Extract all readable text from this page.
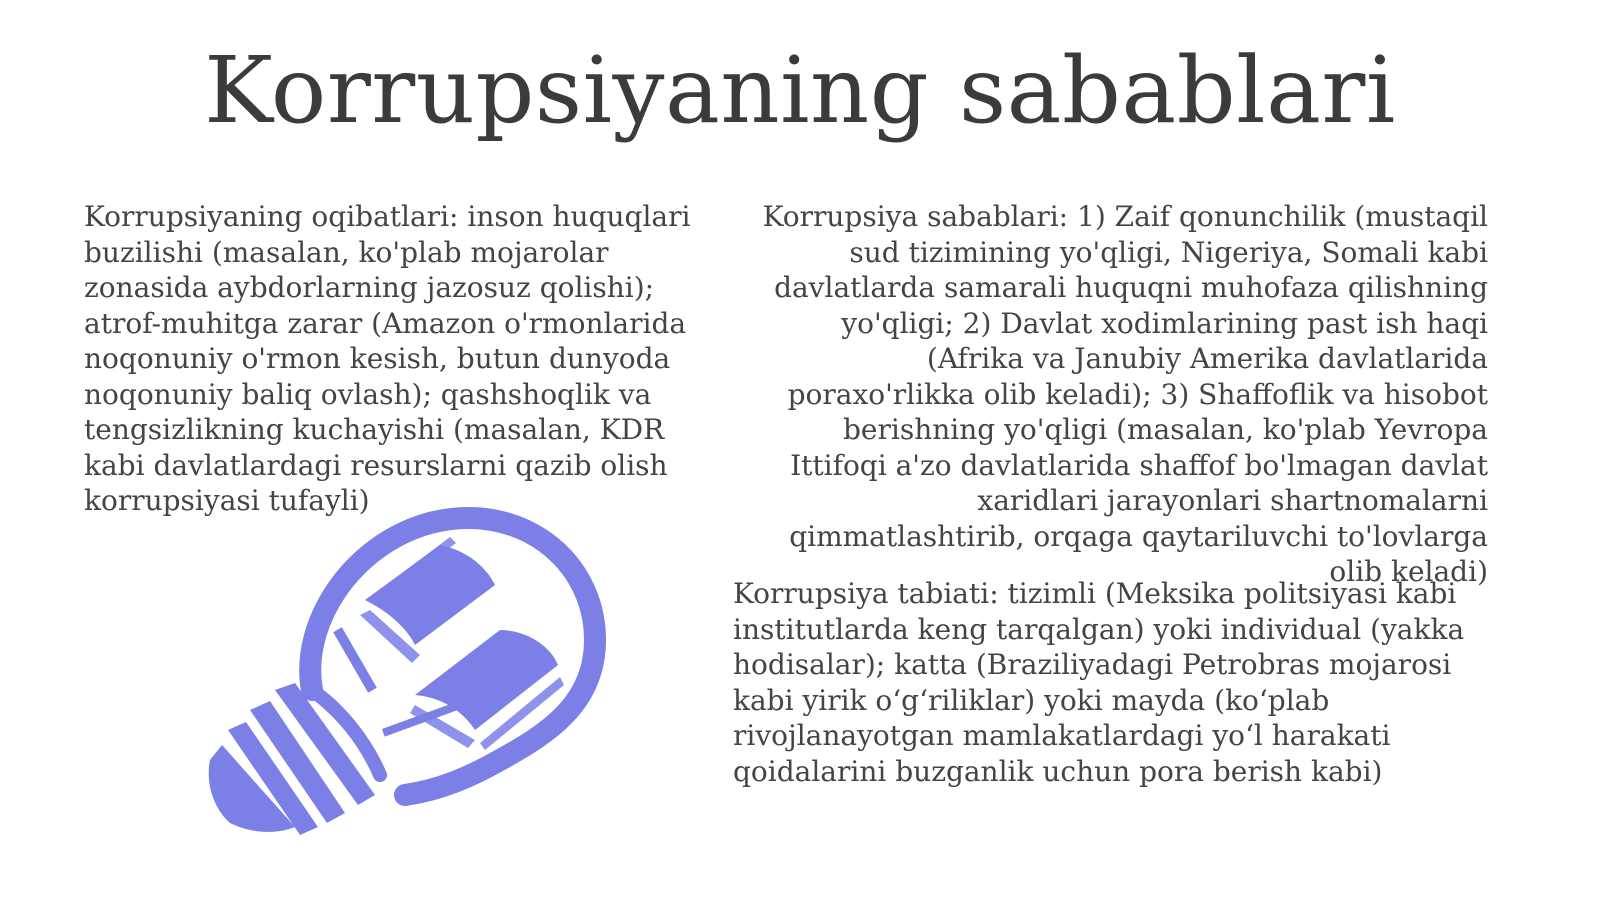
Korrupsiyaning sabablari
Korrupsiyaning oqibatlari: inson huquqlari buzilishi (masalan, ko'plab mojarolar zonasida aybdorlarning jazosuz qolishi); atrof-muhitga zarar (Amazon o'rmonlarida noqonuniy o'rmon kesish, butun dunyoda noqonuniy baliq ovlash); qashshoqlik va tengsizlikning kuchayishi (masalan, KDR kabi davlatlardagi resurslarni qazib olish korrupsiyasi tufayli)
Korrupsiya sabablari: 1) Zaif qonunchilik (mustaqil sud tizimining yo'qligi, Nigeriya, Somali kabi davlatlarda samarali huquqni muhofaza qilishning yo'qligi; 2) Davlat xodimlarining past ish haqi (Afrika va Janubiy Amerika davlatlarida poraxo'rlikka olib keladi); 3) Shaffoflik va hisobot berishning yo'qligi (masalan, ko'plab Yevropa Ittifoqi a'zo davlatlarida shaffof bo'lmagan davlat xaridlari jarayonlari shartnomalarni qimmatlashtirib, orqaga qaytariluvchi to'lovlarga olib keladi)
Korrupsiya tabiati: tizimli (Meksika politsiyasi kabi institutlarda keng tarqalgan) yoki individual (yakka hodisalar); katta (Braziliyadagi Petrobras mojarosi kabi yirik o‘g‘riliklar) yoki mayda (ko‘plab rivojlanayotgan mamlakatlardagi yo‘l harakati qoidalarini buzganlik uchun pora berish kabi)
